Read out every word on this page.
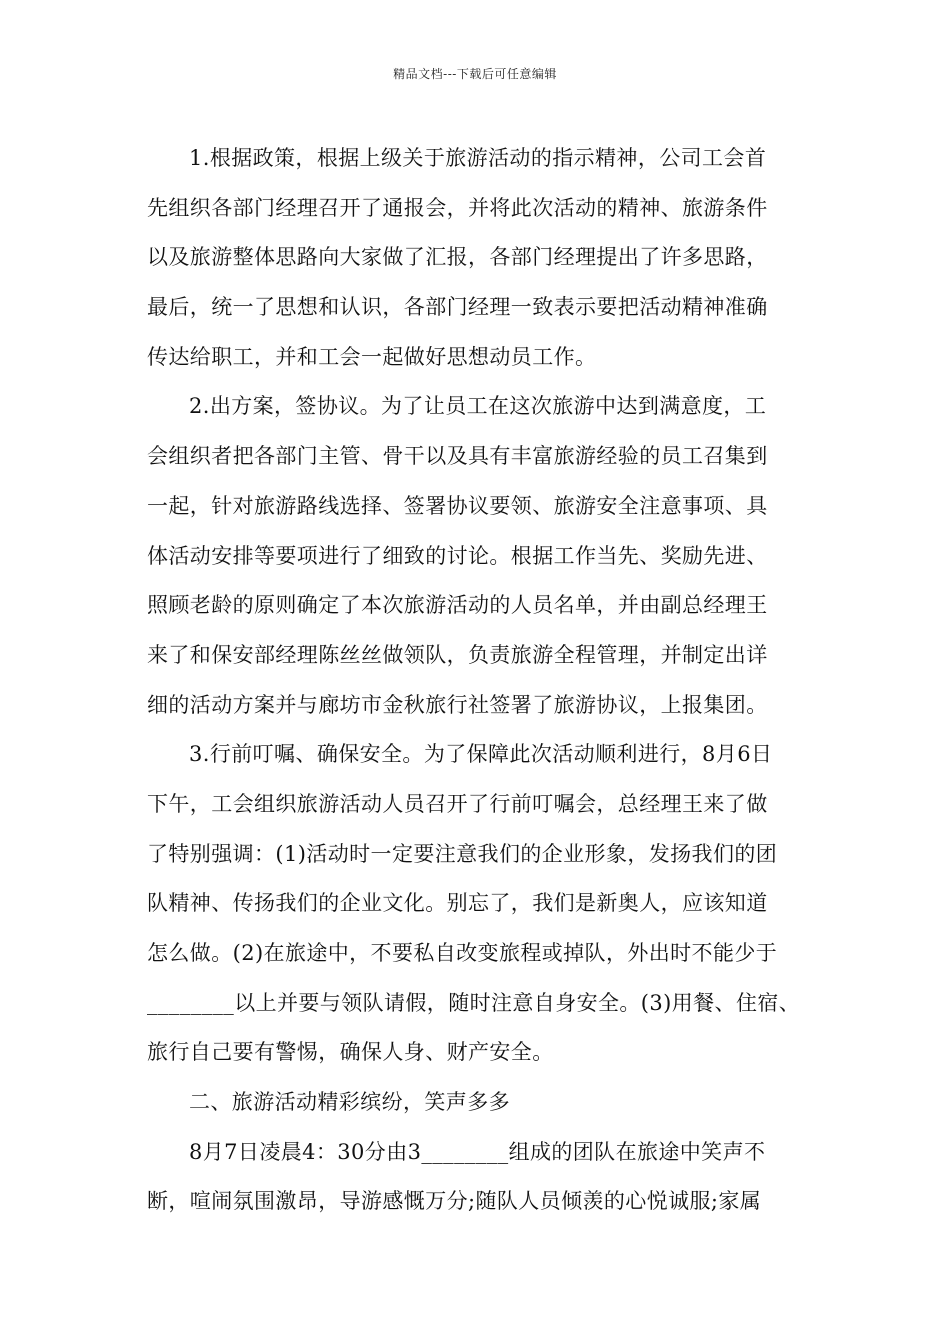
精品文档---下载后可任意编辑
1.根据政策，根据上级关于旅游活动的指示精神，公司工会首
先组织各部门经理召开了通报会，并将此次活动的精神、旅游条件
以及旅游整体思路向大家做了汇报，各部门经理提出了许多思路，
最后，统一了思想和认识，各部门经理一致表示要把活动精神准确
传达给职工，并和工会一起做好思想动员工作。
2.出方案，签协议。为了让员工在这次旅游中达到满意度，工
会组织者把各部门主管、骨干以及具有丰富旅游经验的员工召集到
一起，针对旅游路线选择、签署协议要领、旅游安全注意事项、具
体活动安排等要项进行了细致的讨论。根据工作当先、奖励先进、
照顾老龄的原则确定了本次旅游活动的人员名单，并由副总经理王
来了和保安部经理陈丝丝做领队，负责旅游全程管理，并制定出详
细的活动方案并与廊坊市金秋旅行社签署了旅游协议，上报集团。
3.行前叮嘱、确保安全。为了保障此次活动顺利进行，8月6日
下午，工会组织旅游活动人员召开了行前叮嘱会，总经理王来了做
了特别强调：(1)活动时一定要注意我们的企业形象，发扬我们的团
队精神、传扬我们的企业文化。别忘了，我们是新奥人，应该知道
怎么做。(2)在旅途中，不要私自改变旅程或掉队，外出时不能少于
________以上并要与领队请假，随时注意自身安全。(3)用餐、住宿、
旅行自己要有警惕，确保人身、财产安全。
二、旅游活动精彩缤纷，笑声多多
8月7日凌晨4：30分由3________组成的团队在旅途中笑声不
断，喧闹氛围激昂，导游感慨万分;随队人员倾羡的心悦诚服;家属
